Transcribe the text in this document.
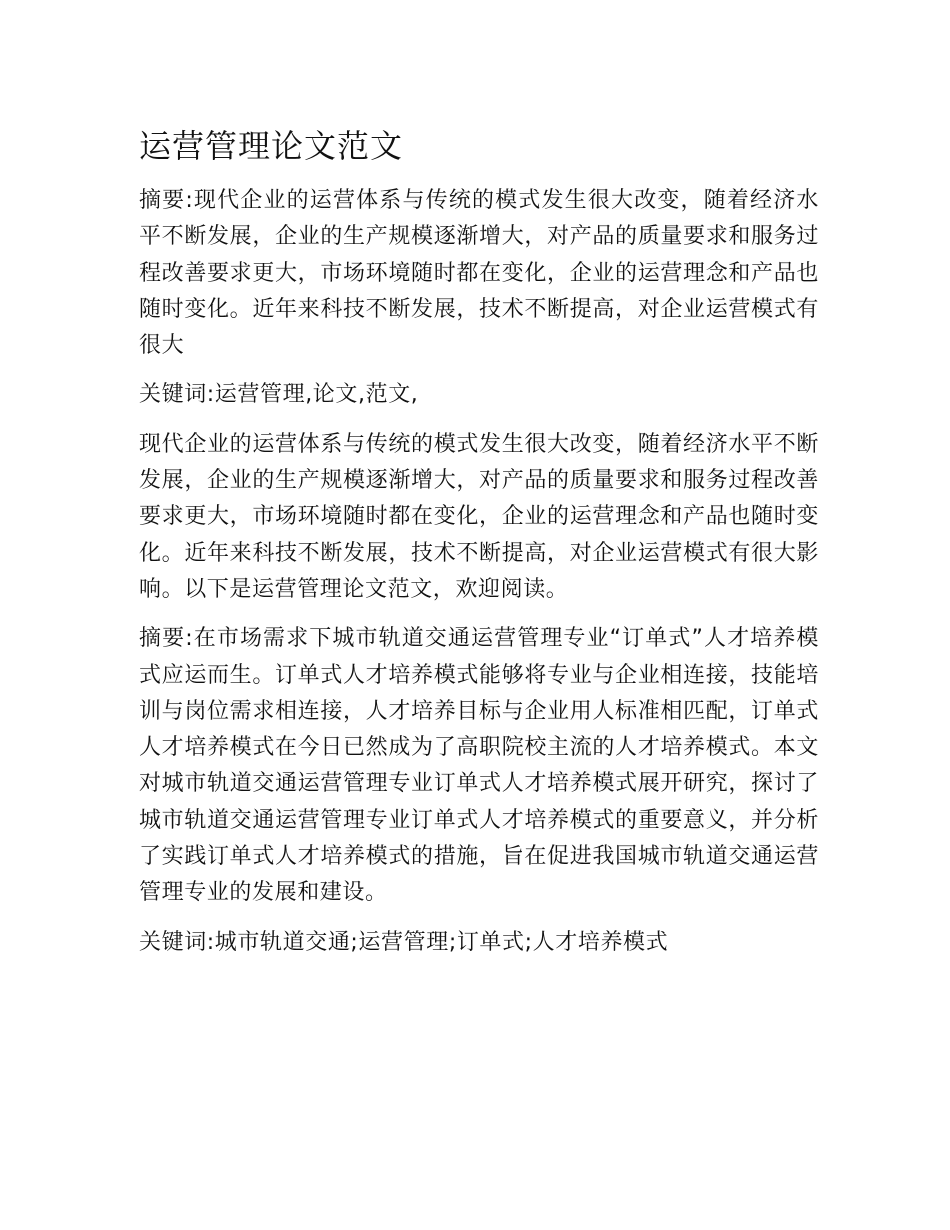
运营管理论文范文

摘要:现代企业的运营体系与传统的模式发生很大改变，随着经济水平不断发展，企业的生产规模逐渐增大，对产品的质量要求和服务过程改善要求更大，市场环境随时都在变化，企业的运营理念和产品也随时变化。近年来科技不断发展，技术不断提高，对企业运营模式有很大

关键词:运营管理,论文,范文,

现代企业的运营体系与传统的模式发生很大改变，随着经济水平不断发展，企业的生产规模逐渐增大，对产品的质量要求和服务过程改善要求更大，市场环境随时都在变化，企业的运营理念和产品也随时变化。近年来科技不断发展，技术不断提高，对企业运营模式有很大影响。以下是运营管理论文范文，欢迎阅读。

摘要:在市场需求下城市轨道交通运营管理专业“订单式”人才培养模式应运而生。订单式人才培养模式能够将专业与企业相连接，技能培训与岗位需求相连接，人才培养目标与企业用人标准相匹配，订单式人才培养模式在今日已然成为了高职院校主流的人才培养模式。本文对城市轨道交通运营管理专业订单式人才培养模式展开研究，探讨了城市轨道交通运营管理专业订单式人才培养模式的重要意义，并分析了实践订单式人才培养模式的措施，旨在促进我国城市轨道交通运营管理专业的发展和建设。

关键词:城市轨道交通;运营管理;订单式;人才培养模式
